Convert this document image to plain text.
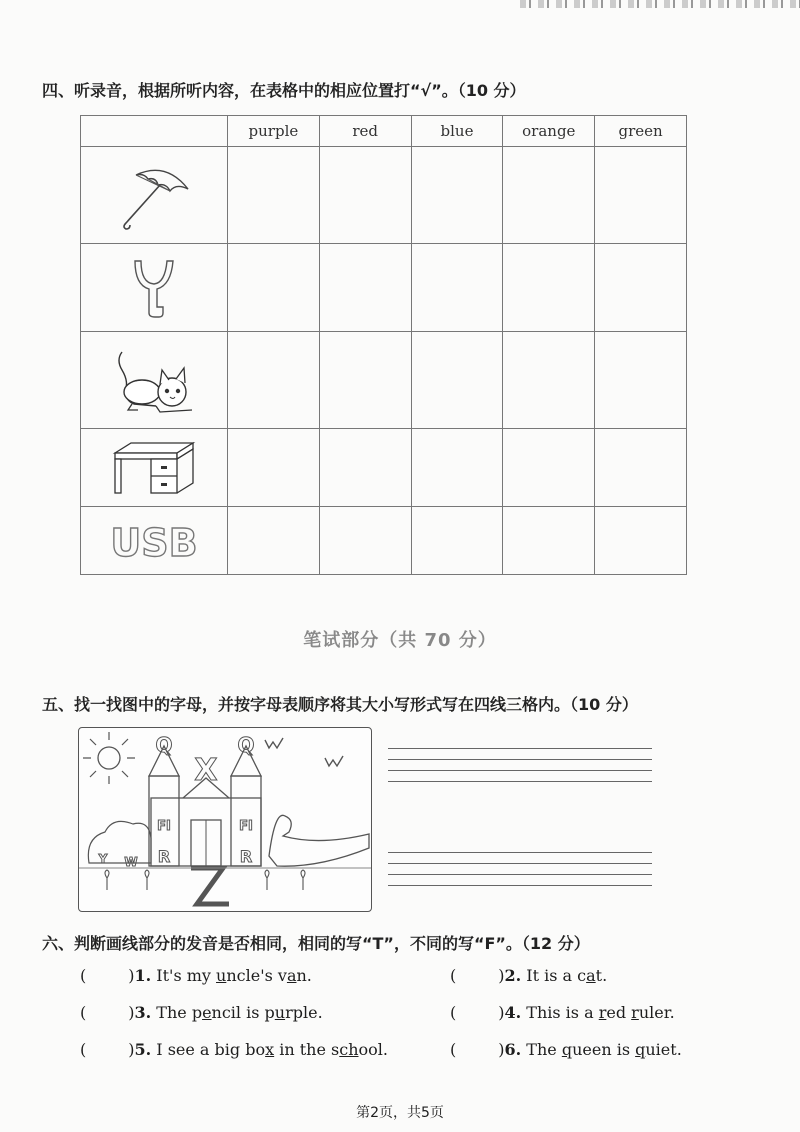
四、听录音，根据所听内容，在表格中的相应位置打“√”。（10 分）
	purple	red	blue	orange	green

USB					

笔试部分（共 70 分）
五、找一找图中的字母，并按字母表顺序将其大小写形式写在四线三格内。（10 分）
Q	Q
X
FI	FI
R	R
Y W
六、判断画线部分的发音是否相同，相同的写“T”，不同的写“F”。（12 分）
(	)1. It's my uncle's van.	(	)2. It is a cat.
(	)3. The pencil is purple.	(	)4. This is a red ruler.
(	)5. I see a big box in the school.	(	)6. The queen is quiet.
第2页，共5页
